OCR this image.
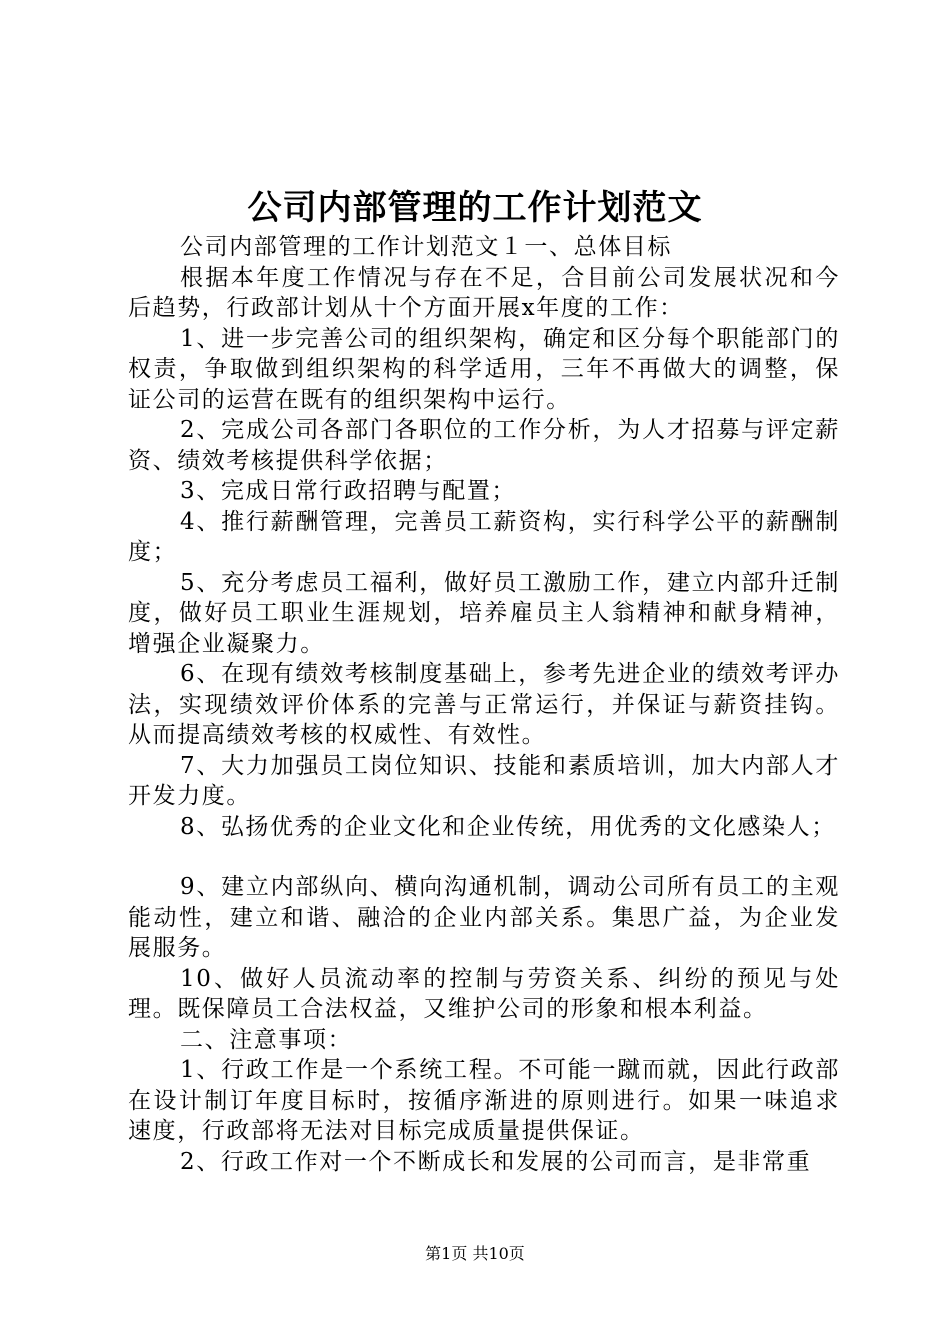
公司内部管理的工作计划范文

公司内部管理的工作计划范文１一、总体目标

根据本年度工作情况与存在不足，合目前公司发展状况和今后趋势，行政部计划从十个方面开展x年度的工作：

1、进一步完善公司的组织架构，确定和区分每个职能部门的权责，争取做到组织架构的科学适用，三年不再做大的调整，保证公司的运营在既有的组织架构中运行。

2、完成公司各部门各职位的工作分析，为人才招募与评定薪资、绩效考核提供科学依据；

3、完成日常行政招聘与配置；

4、推行薪酬管理，完善员工薪资构，实行科学公平的薪酬制度；

5、充分考虑员工福利，做好员工激励工作，建立内部升迁制度，做好员工职业生涯规划，培养雇员主人翁精神和献身精神，增强企业凝聚力。

6、在现有绩效考核制度基础上，参考先进企业的绩效考评办法，实现绩效评价体系的完善与正常运行，并保证与薪资挂钩。从而提高绩效考核的权威性、有效性。

7、大力加强员工岗位知识、技能和素质培训，加大内部人才开发力度。

8、弘扬优秀的企业文化和企业传统，用优秀的文化感染人；

9、建立内部纵向、横向沟通机制，调动公司所有员工的主观能动性，建立和谐、融洽的企业内部关系。集思广益，为企业发展服务。

10、做好人员流动率的控制与劳资关系、纠纷的预见与处理。既保障员工合法权益，又维护公司的形象和根本利益。

二、注意事项：

1、行政工作是一个系统工程。不可能一蹴而就，因此行政部在设计制订年度目标时，按循序渐进的原则进行。如果一味追求速度，行政部将无法对目标完成质量提供保证。

2、行政工作对一个不断成长和发展的公司而言，是非常重

第1页 共10页
